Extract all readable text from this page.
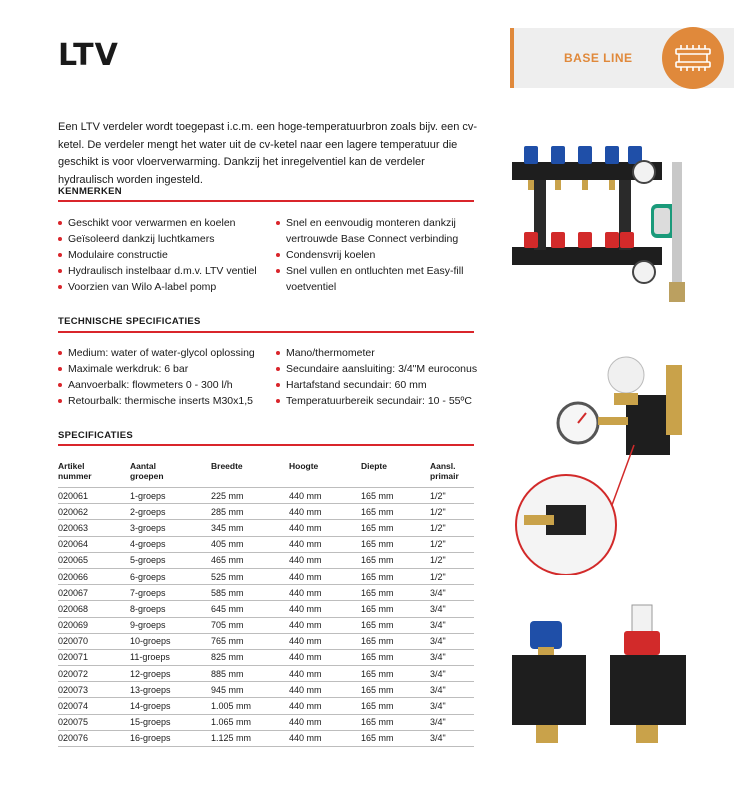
LTV	BASE LINE

Een LTV verdeler wordt toegepast i.c.m. een hoge-temperatuurbron zoals bijv. een cv-ketel. De verdeler mengt het water uit de cv-ketel naar een lagere temperatuur die geschikt is voor vloerverwarming. Dankzij het inregelventiel kan de verdeler hydraulisch worden ingesteld.

KENMERKEN
Geschikt voor verwarmen en koelen
Geïsoleerd dankzij luchtkamers
Modulaire constructie
Hydraulisch instelbaar d.m.v. LTV ventiel
Voorzien van Wilo A-label pomp
Snel en eenvoudig monteren dankzij vertrouwde Base Connect verbinding
Condensvrij koelen
Snel vullen en ontluchten met Easy-fill voetventiel
TECHNISCHE SPECIFICATIES
Medium: water of water-glycol oplossing
Maximale werkdruk: 6 bar
Aanvoerbalk: flowmeters 0 - 300 l/h
Retourbalk: thermische inserts M30x1,5
Mano/thermometer
Secundaire aansluiting: 3/4"M euroconus
Hartafstand secundair: 60 mm
Temperatuurbereik secundair: 10 - 55ºC
SPECIFICATIES
Artikel
nummer	Aantal
groepen	Breedte	Hoogte	Diepte	Aansl.
primair
020061	1-groeps	225 mm	440 mm	165 mm	1/2"
020062	2-groeps	285 mm	440 mm	165 mm	1/2"
020063	3-groeps	345 mm	440 mm	165 mm	1/2"
020064	4-groeps	405 mm	440 mm	165 mm	1/2"
020065	5-groeps	465 mm	440 mm	165 mm	1/2"
020066	6-groeps	525 mm	440 mm	165 mm	1/2"
020067	7-groeps	585 mm	440 mm	165 mm	3/4"
020068	8-groeps	645 mm	440 mm	165 mm	3/4"
020069	9-groeps	705 mm	440 mm	165 mm	3/4"
020070	10-groeps	765 mm	440 mm	165 mm	3/4"
020071	11-groeps	825 mm	440 mm	165 mm	3/4"
020072	12-groeps	885 mm	440 mm	165 mm	3/4"
020073	13-groeps	945 mm	440 mm	165 mm	3/4"
020074	14-groeps	1.005 mm	440 mm	165 mm	3/4"
020075	15-groeps	1.065 mm	440 mm	165 mm	3/4"
020076	16-groeps	1.125 mm	440 mm	165 mm	3/4"
